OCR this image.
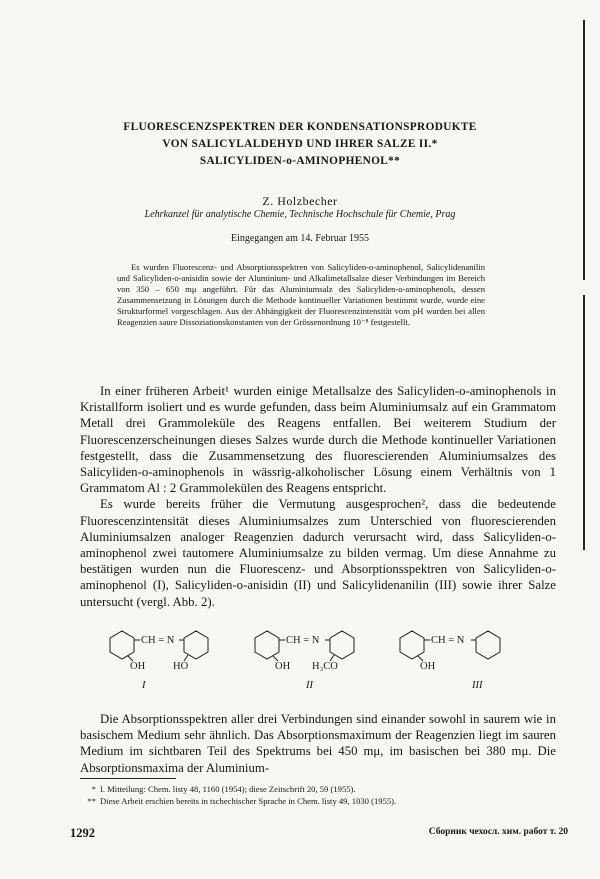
FLUORESCENZSPEKTREN DER KONDENSATIONSPRODUKTE
VON SALICYLALDEHYD UND IHRER SALZE II.*
SALICYLIDEN-o-AMINOPHENOL**

Z. Holzbecher

Lehrkanzel für analytische Chemie, Technische Hochschule für Chemie, Prag

Eingegangen am 14. Februar 1955

Es wurden Fluorescenz- und Absorptionsspektren von Salicyliden-o-aminophenol, Salicylidenanilin und Salicyliden-o-anisidin sowie der Aluminium- und Alkalimetallsalze dieser Verbindungen im Bereich von 350 – 650 mμ angeführt. Für das Aluminiumsalz des Salicyliden-o-aminophenols, dessen Zusammensetzung in Lösungen durch die Methode kontinueller Variationen bestimmt wurde, wurde eine Strukturformel vorgeschlagen. Aus der Abhängigkeit der Fluorescenzintensität vom pH wurden bei allen Reagenzien saure Dissoziationskonstanten von der Grössenordnung 10⁻⁸ festgestellt.

In einer früheren Arbeit¹ wurden einige Metallsalze des Salicyliden-o-aminophenols in Kristallform isoliert und es wurde gefunden, dass beim Aluminiumsalz auf ein Grammatom Metall drei Grammoleküle des Reagens entfallen. Bei weiterem Studium der Fluorescenzerscheinungen dieses Salzes wurde durch die Methode kontinueller Variationen festgestellt, dass die Zusammensetzung des fluorescierenden Aluminiumsalzes des Salicyliden-o-aminophenols in wässrig-alkoholischer Lösung einem Verhältnis von 1 Grammatom Al : 2 Grammolekülen des Reagens entspricht.

Es wurde bereits früher die Vermutung ausgesprochen², dass die bedeutende Fluorescenzintensität dieses Aluminiumsalzes zum Unterschied von fluorescierenden Aluminiumsalzen analoger Reagenzien dadurch verursacht wird, dass Salicyliden-o-aminophenol zwei tautomere Aluminiumsalze zu bilden vermag. Um diese Annahme zu bestätigen wurden nun die Fluorescenz- und Absorptionsspektren von Salicyliden-o-aminophenol (I), Salicyliden-o-anisidin (II) und Salicylidenanilin (III) sowie ihrer Salze untersucht (vergl. Abb. 2).

CH = N
OH	HO
CH = N
OH H₃CO
CH = N
OH
I	II	III

Die Absorptionsspektren aller drei Verbindungen sind einander sowohl in saurem wie in basischem Medium sehr ähnlich. Das Absorptionsmaximum der Reagenzien liegt im sauren Medium im sichtbaren Teil des Spektrums bei 450 mμ, im basischen bei 380 mμ. Die Absorptionsmaxima der Aluminium-

* I. Mitteilung: Chem. listy 48, 1160 (1954); diese Zeitschrift 20, 59 (1955).

** Diese Arbeit erschien bereits in tschechischer Sprache in Chem. listy 49, 1030 (1955).

1292	Сборник чехосл. хим. работ т. 20
